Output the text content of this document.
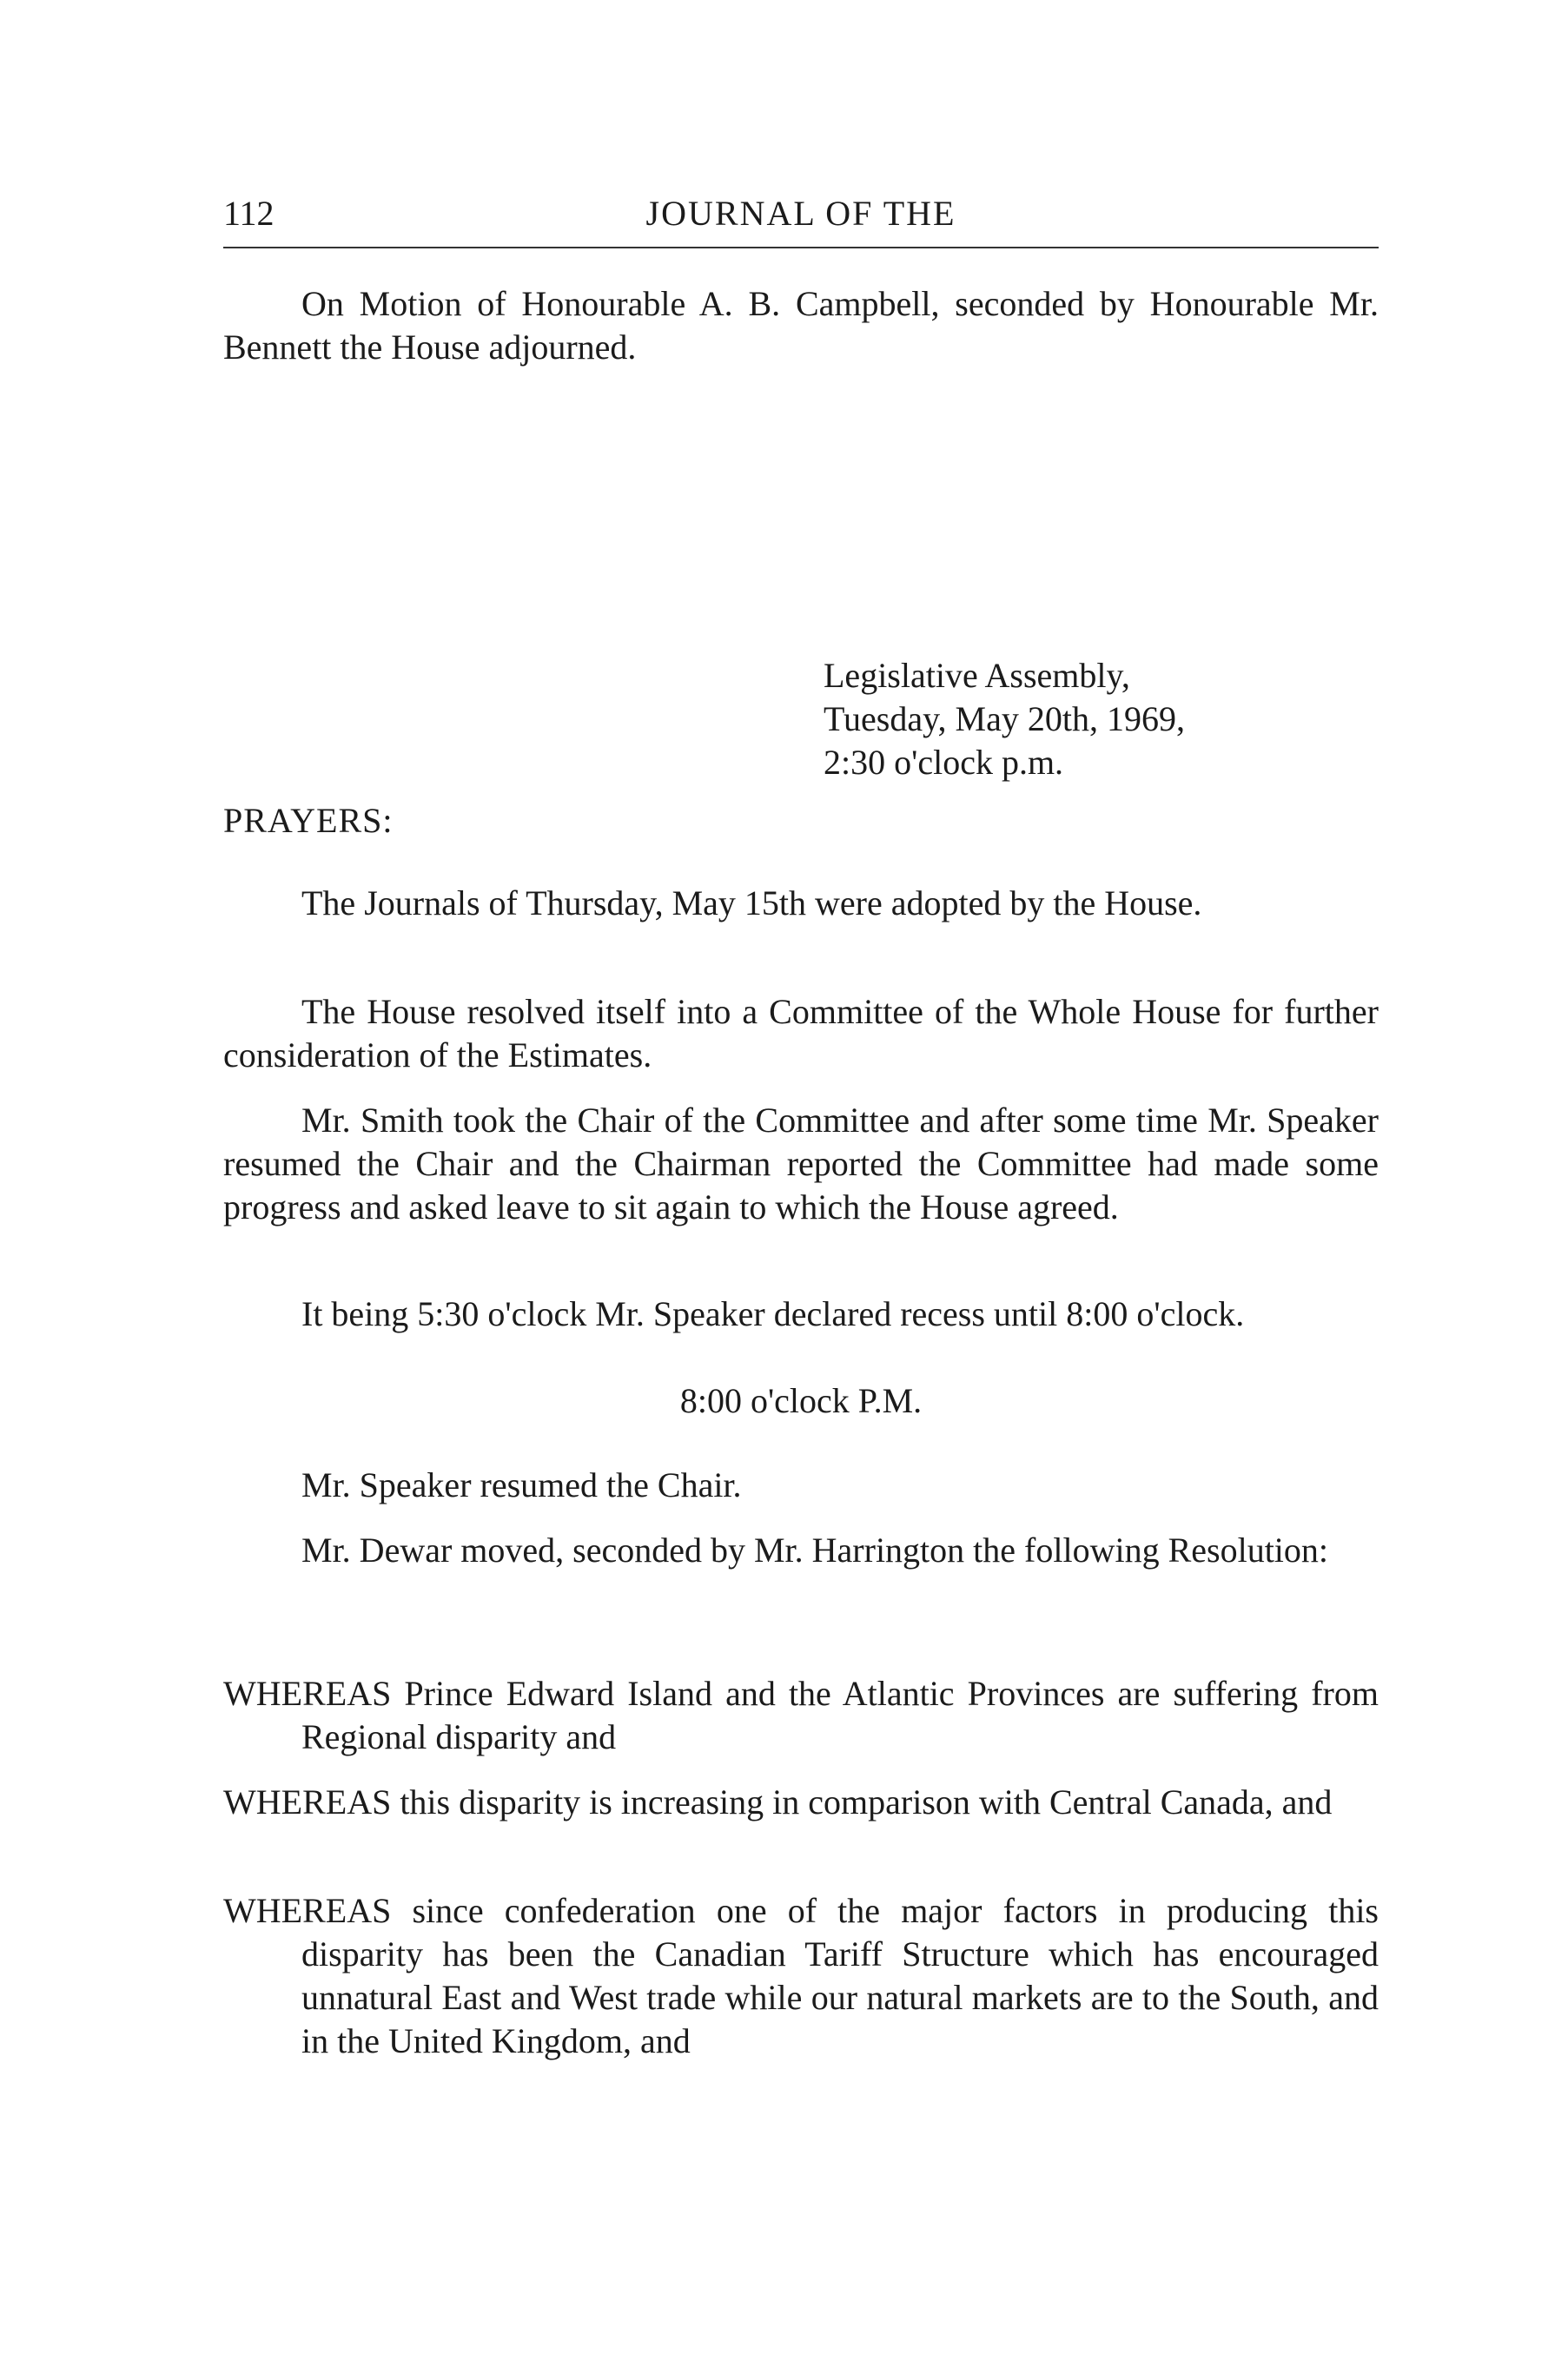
112	JOURNAL OF THE

On Motion of Honourable A. B. Campbell, seconded by Honourable Mr. Bennett the House adjourned.

Legislative Assembly,
Tuesday, May 20th, 1969,
2:30 o'clock p.m.
PRAYERS:

The Journals of Thursday, May 15th were adopted by the House.

The House resolved itself into a Committee of the Whole House for further consideration of the Estimates.

Mr. Smith took the Chair of the Committee and after some time Mr. Speaker resumed the Chair and the Chairman reported the Committee had made some progress and asked leave to sit again to which the House agreed.

It being 5:30 o'clock Mr. Speaker declared recess until 8:00 o'clock.

8:00 o'clock P.M.

Mr. Speaker resumed the Chair.

Mr. Dewar moved, seconded by Mr. Harrington the following Resolution:

WHEREAS Prince Edward Island and the Atlantic Provinces are suffering from Regional disparity and

WHEREAS this disparity is increasing in comparison with Central Canada, and

WHEREAS since confederation one of the major factors in producing this disparity has been the Canadian Tariff Structure which has encouraged unnatural East and West trade while our natural markets are to the South, and in the United Kingdom, and
